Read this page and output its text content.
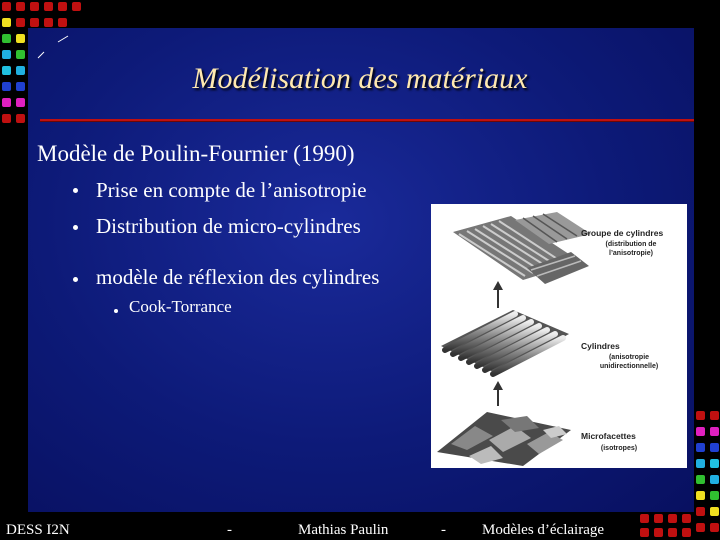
Modélisation des matériaux
Modèle de Poulin-Fournier (1990)
Prise en compte de l’anisotropie
Distribution de micro-cylindres
modèle de réflexion des cylindres
Cook-Torrance
Groupe de cylindres
(distribution de
l’anisotropie)
Cylindres
(anisotropie
unidirectionnelle)
Microfacettes
(isotropes)
DESS I2N	-	Mathias Paulin	- Modèles d’éclairage
